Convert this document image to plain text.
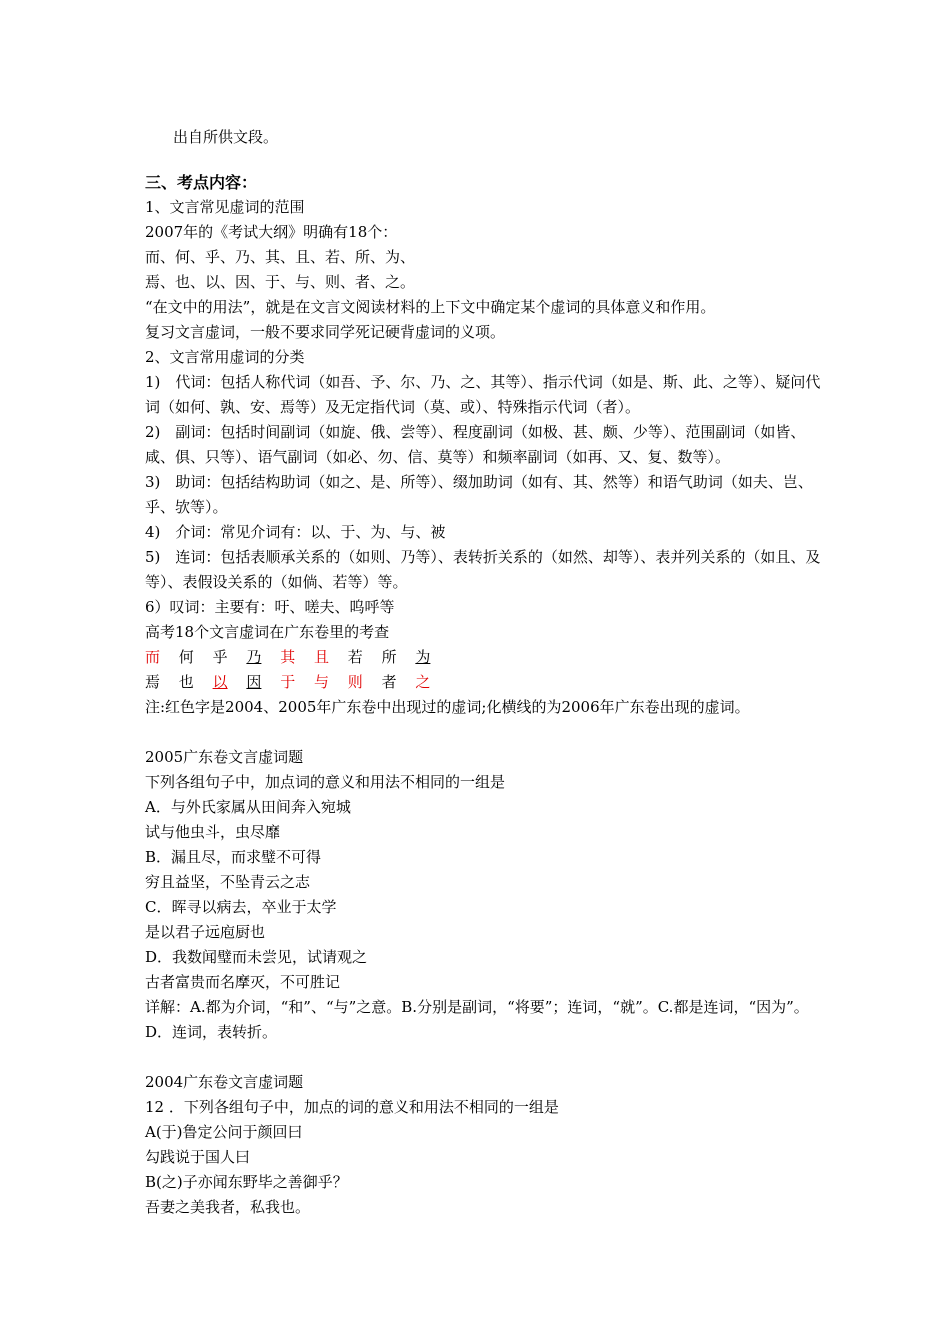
出自所供文段。
三、考点内容：
1、文言常见虚词的范围
2007年的《考试大纲》明确有18个：
而、何、乎、乃、其、且、若、所、为、
焉、也、以、因、于、与、则、者、之。
“在文中的用法”，就是在文言文阅读材料的上下文中确定某个虚词的具体意义和作用。
复习文言虚词，一般不要求同学死记硬背虚词的义项。
2、文言常用虚词的分类
1)　代词：包括人称代词（如吾、予、尔、乃、之、其等）、指示代词（如是、斯、此、之等）、疑问代词（如何、孰、安、焉等）及无定指代词（莫、或）、特殊指示代词（者）。
2)　副词：包括时间副词（如旋、俄、尝等）、程度副词（如极、甚、颇、少等）、范围副词（如皆、咸、俱、只等）、语气副词（如必、勿、信、莫等）和频率副词（如再、又、复、数等）。
3)　助词：包括结构助词（如之、是、所等）、缀加助词（如有、其、然等）和语气助词（如夫、岂、乎、欤等）。
4)　介词：常见介词有：以、于、为、与、被
5)　连词：包括表顺承关系的（如则、乃等）、表转折关系的（如然、却等）、表并列关系的（如且、及等）、表假设关系的（如倘、若等）等。
6）叹词：主要有：吁、嗟夫、呜呼等
高考18个文言虚词在广东卷里的考查
而 何 乎 乃 其 且 若 所 为
焉 也 以 因 于 与 则 者 之
注:红色字是2004、2005年广东卷中出现过的虚词;化横线的为2006年广东卷出现的虚词。
2005广东卷文言虚词题
下列各组句子中，加点词的意义和用法不相同的一组是
A．与外氏家属从田间奔入宛城
试与他虫斗，虫尽靡
B．漏且尽，而求璧不可得
穷且益坚，不坠青云之志
C．晖寻以病去，卒业于太学
是以君子远庖厨也
D．我数闻璧而未尝见，试请观之
古者富贵而名摩灭，不可胜记
详解：A.都为介词，“和”、“与”之意。B.分别是副词，“将要”；连词，“就”。C.都是连词，“因为”。D．连词，表转折。
2004广东卷文言虚词题
12 ．下列各组句子中，加点的词的意义和用法不相同的一组是
A(于)鲁定公问于颜回曰
勾践说于国人曰
B(之)子亦闻东野毕之善御乎？
吾妻之美我者，私我也。
